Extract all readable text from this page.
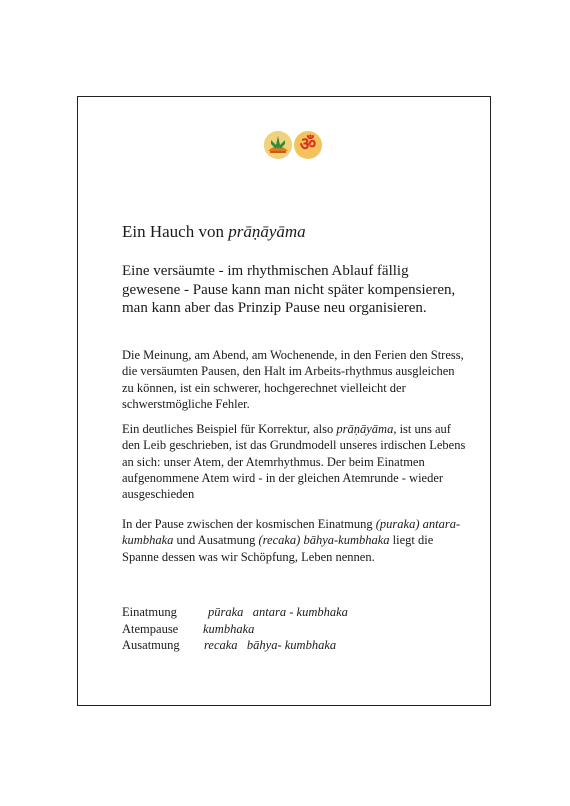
ॐ
Ein Hauch von prāṇāyāma

Eine versäumte - im rhythmischen Ablauf fällig gewesene - Pause kann man nicht später kompensieren, man kann aber das Prinzip Pause neu organisieren.

Die Meinung, am Abend, am Wochenende, in den Ferien den Stress, die versäumten Pausen, den Halt im Arbeits-rhythmus ausgleichen zu können, ist ein schwerer, hochgerechnet vielleicht der schwerstmögliche Fehler.

Ein deutliches Beispiel für Korrektur, also prāṇāyāma, ist uns auf den Leib geschrieben, ist das Grundmodell unseres irdischen Lebens an sich: unser Atem, der Atemrhythmus. Der beim Einatmen aufgenommene Atem wird - in der gleichen Atemrunde - wieder ausgeschieden

In der Pause zwischen der kosmischen Einatmung (puraka) antara-kumbhaka und Ausatmung (recaka) bāhya-kumbhaka liegt die Spanne dessen was wir Schöpfung, Leben nennen.

Einatmung pūraka   antara - kumbhaka
Atempause kumbhaka
Ausatmung recaka   bāhya- kumbhaka
